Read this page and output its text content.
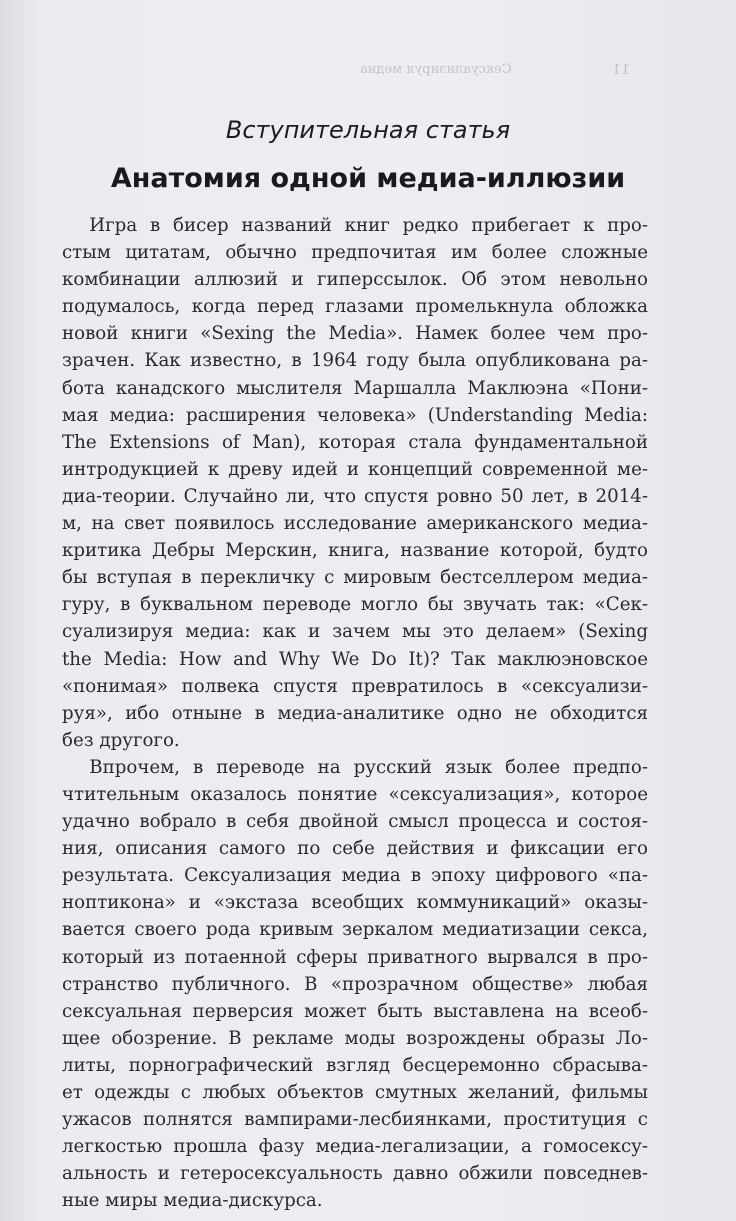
Сексуализируя медиа	11
Вступительная статья
Анатомия одной медиа-иллюзии

  Игра в бисер названий книг редко прибегает к про-
стым цитатам, обычно предпочитая им более сложные
комбинации аллюзий и гиперссылок. Об этом невольно
подумалось, когда перед глазами промелькнула обложка
новой книги «Sexing the Media». Намек более чем про-
зрачен. Как известно, в 1964 году была опубликована ра-
бота канадского мыслителя Маршалла Маклюэна «Пони-
мая медиа: расширения человека» (Understanding Media:
The Extensions of Man), которая стала фундаментальной
интродукцией к древу идей и концепций современной ме-
диа-теории. Случайно ли, что спустя ровно 50 лет, в 2014-
м, на свет появилось исследование американского медиа-
критика Дебры Мерскин, книга, название которой, будто
бы вступая в перекличку с мировым бестселлером медиа-
гуру, в буквальном переводе могло бы звучать так: «Сек-
суализируя медиа: как и зачем мы это делаем» (Sexing
the Media: How and Why We Do It)? Так маклюэновское
«понимая» полвека спустя превратилось в «сексуализи-
руя», ибо отныне в медиа-аналитике одно не обходится
без другого.

  Впрочем, в переводе на русский язык более предпо-
чтительным оказалось понятие «сексуализация», которое
удачно вобрало в себя двойной смысл процесса и состоя-
ния, описания самого по себе действия и фиксации его
результата. Сексуализация медиа в эпоху цифрового «па-
ноптикона» и «экстаза всеобщих коммуникаций» оказы-
вается своего рода кривым зеркалом медиатизации секса,
который из потаенной сферы приватного вырвался в про-
странство публичного. В «прозрачном обществе» любая
сексуальная перверсия может быть выставлена на всеоб-
щее обозрение. В рекламе моды возрождены образы Ло-
литы, порнографический взгляд бесцеремонно сбрасыва-
ет одежды с любых объектов смутных желаний, фильмы
ужасов полнятся вампирами-лесбиянками, проституция с
легкостью прошла фазу медиа-легализации, а гомосексу-
альность и гетеросексуальность давно обжили повседнев-
ные миры медиа-дискурса.
